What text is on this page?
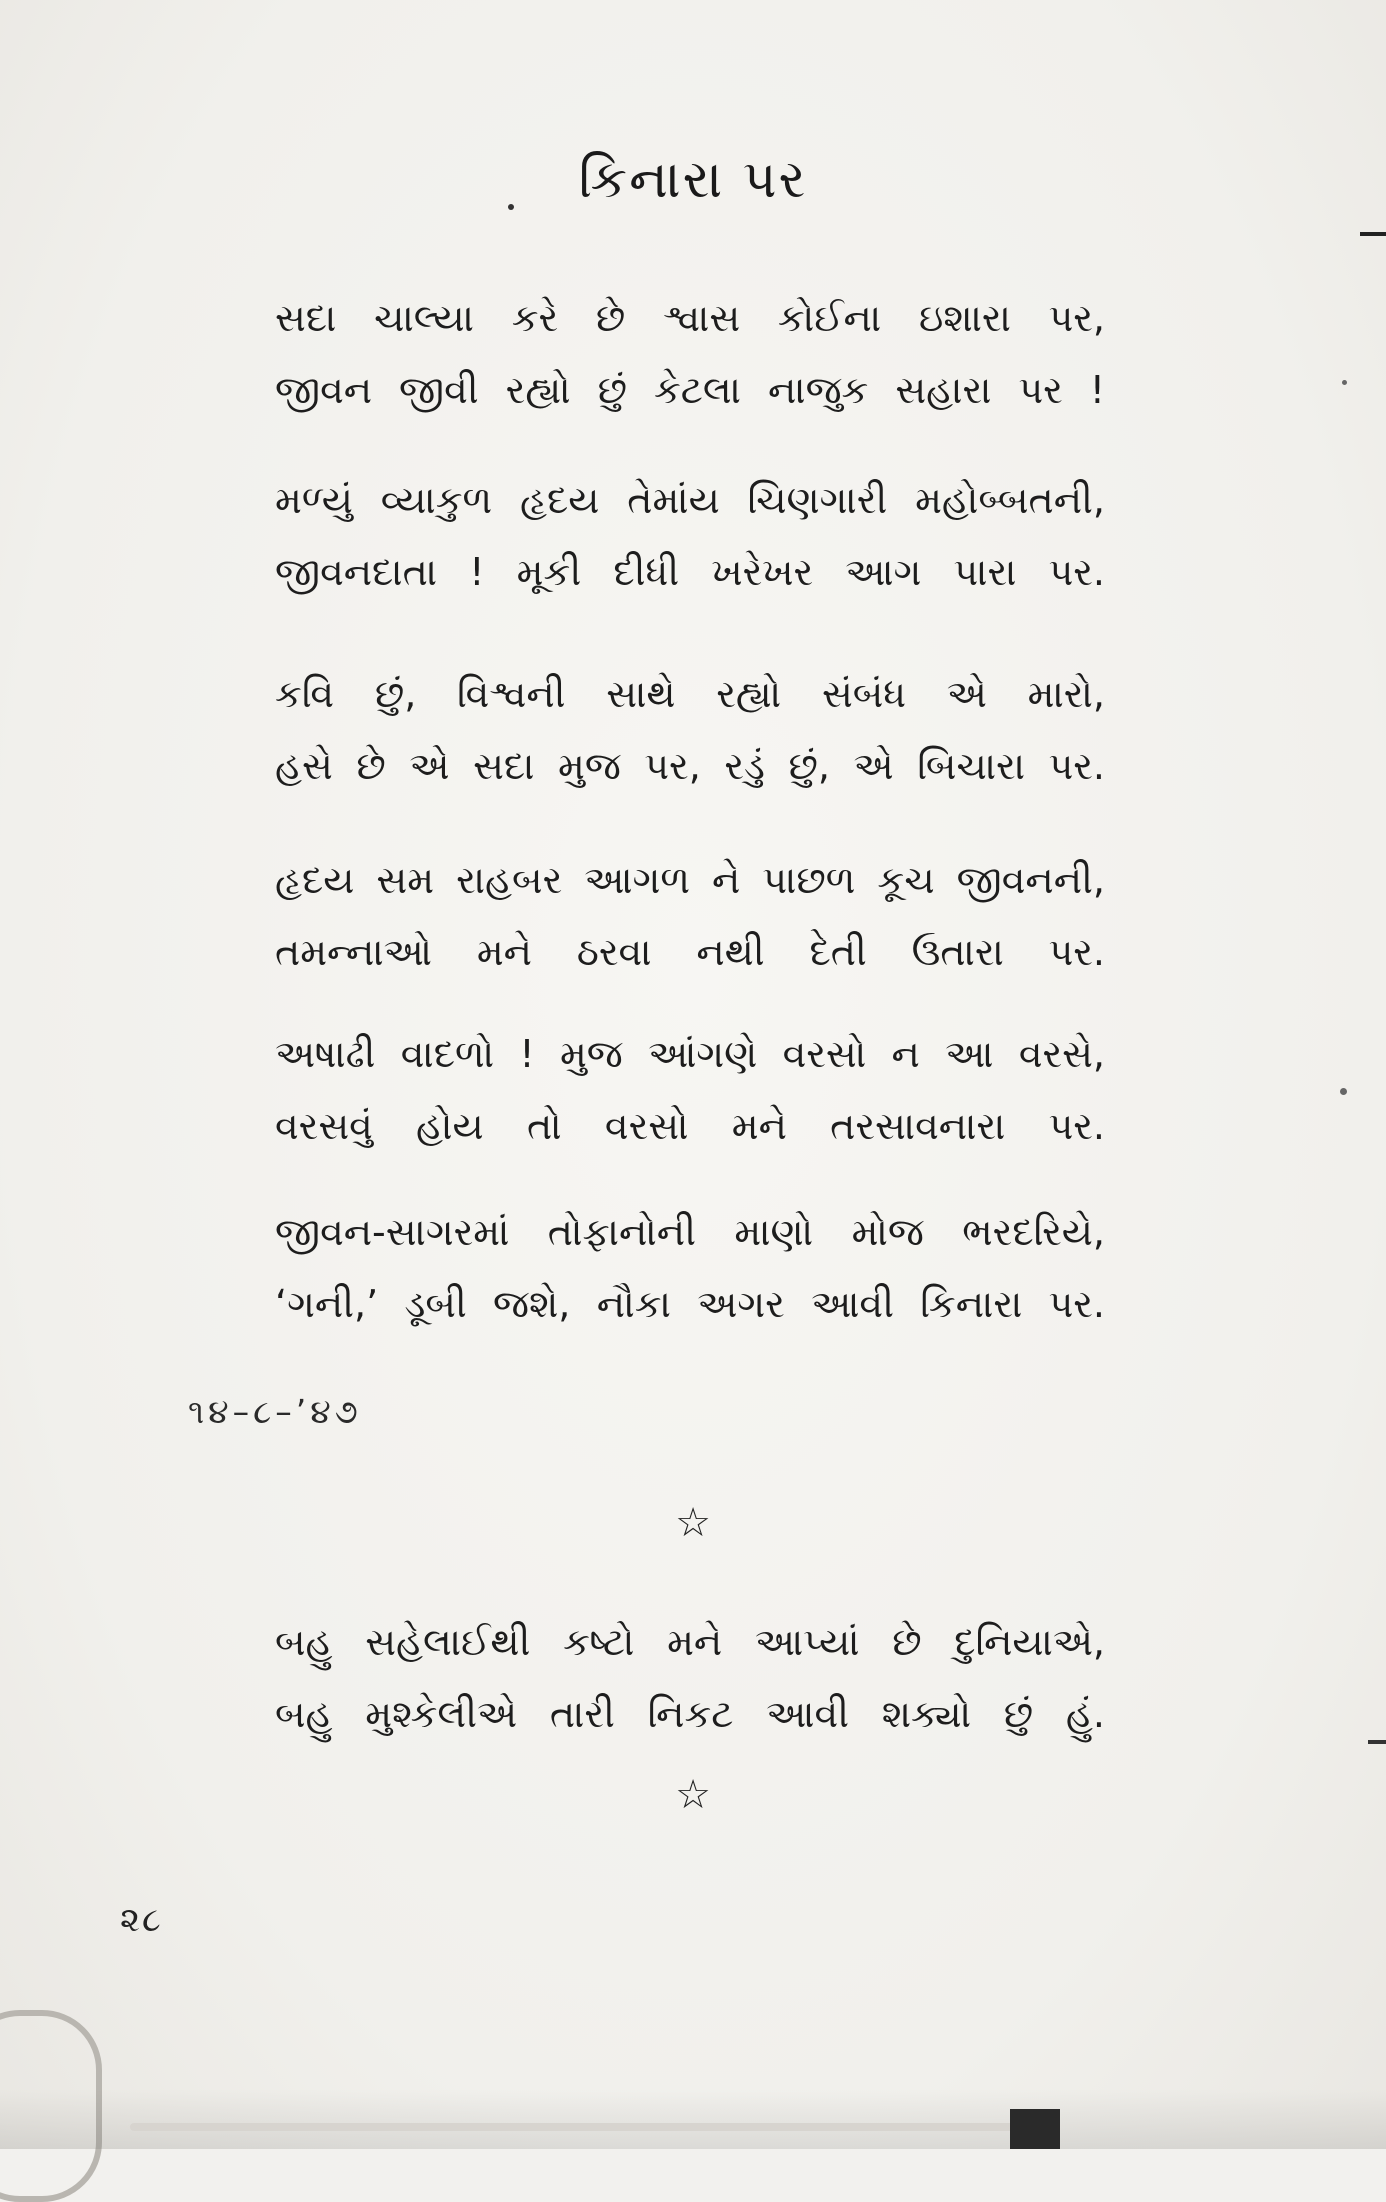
કિનારા પર
સદા ચાલ્યા કરે છે શ્વાસ કોઈના ઇશારા પર,
જીવન જીવી રહ્યો છું કેટલા નાજુક સહારા પર !
મળ્યું વ્યાકુળ હૃદય તેમાંય ચિણગારી મહોબ્બતની,
જીવનદાતા ! મૂકી દીધી ખરેખર આગ પારા પર.
કવિ છું, વિશ્વની સાથે રહ્યો સંબંધ એ મારો,
હસે છે એ સદા મુજ પર, રડું છું, એ બિચારા પર.
હૃદય સમ રાહબર આગળ ને પાછળ કૂચ જીવનની,
તમન્નાઓ મને ઠરવા નથી દેતી ઉતારા પર.
અષાઢી વાદળો ! મુજ આંગણે વરસો ન આ વરસે,
વરસવું હોય તો વરસો મને તરસાવનારા પર.
જીવન-સાગરમાં તોફાનોની માણો મોજ ભરદરિયે,
‘ગની,’ ડૂબી જશે, નૌકા અગર આવી કિનારા પર.
૧૪–૮–’૪૭
☆
બહુ સહેલાઈથી કષ્ટો મને આપ્યાં છે દુનિયાએ,
બહુ મુશ્કેલીએ તારી નિકટ આવી શક્યો છું હું.
☆
૨૮
